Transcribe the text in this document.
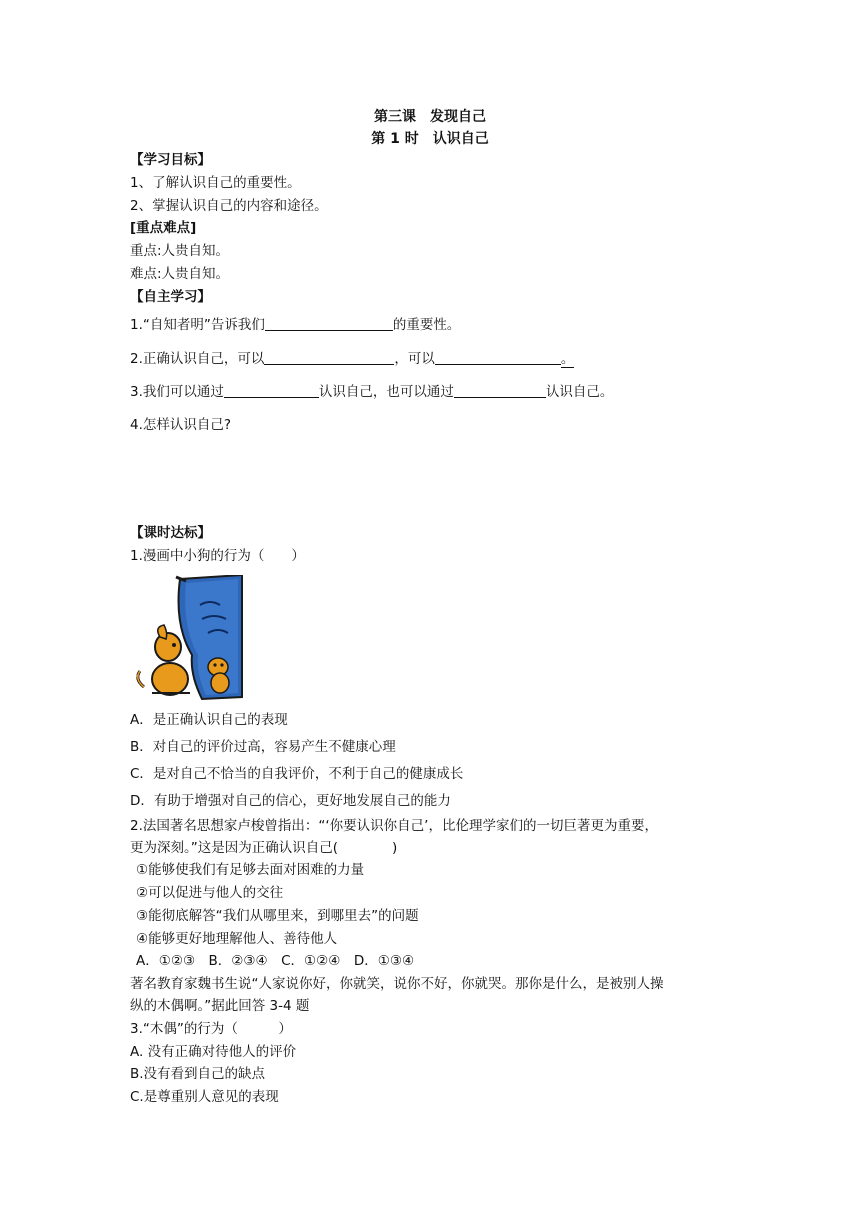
第三课　发现自己
第 1 时　认识自己
【学习目标】
1、了解认识自己的重要性。
2、掌握认识自己的内容和途径。
[重点难点]
重点:人贵自知。
难点:人贵自知。
【自主学习】
1.“自知者明”告诉我们	的重要性。
2.正确认识自己，可以	，可以	。
3.我们可以通过	认识自己，也可以通过	认识自己。
4.怎样认识自己?
【课时达标】
1.漫画中小狗的行为（　　）
A．是正确认识自己的表现
B．对自己的评价过高，容易产生不健康心理
C．是对自己不恰当的自我评价，不利于自己的健康成长
D．有助于增强对自己的信心，更好地发展自己的能力
2.法国著名思想家卢梭曾指出：“‘你要认识你自己’，比伦理学家们的一切巨著更为重要，
更为深刻。”这是因为正确认识自己(　　　　)
①能够使我们有足够去面对困难的力量
②可以促进与他人的交往
③能彻底解答“我们从哪里来，到哪里去”的问题
④能够更好地理解他人、善待他人
A．①②③　B．②③④　C．①②④　D．①③④
著名教育家魏书生说“人家说你好，你就笑，说你不好，你就哭。那你是什么，是被别人操
纵的木偶啊。”据此回答 3-4 题
3.“木偶”的行为（　　　）
A. 没有正确对待他人的评价
B.没有看到自己的缺点
C.是尊重别人意见的表现
